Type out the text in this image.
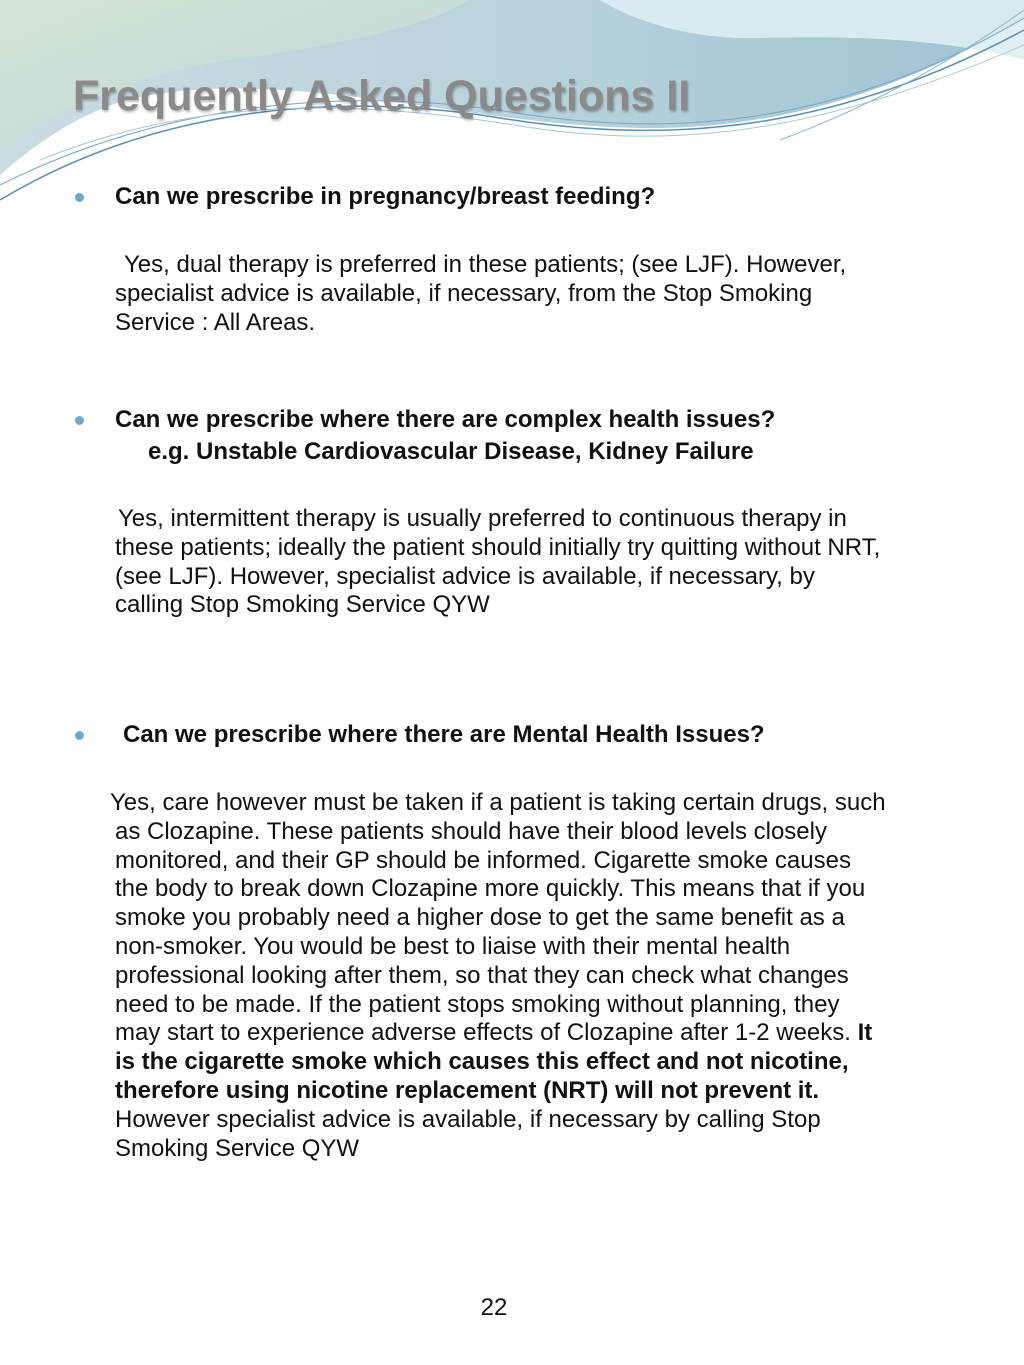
Frequently Asked Questions II

Can we prescribe in pregnancy/breast feeding?

Yes, dual therapy is preferred in these patients; (see LJF). However,
specialist advice is available, if necessary, from the Stop Smoking
Service : All Areas.

Can we prescribe where there are complex health issues?

e.g. Unstable Cardiovascular Disease, Kidney Failure

Yes, intermittent therapy is usually preferred to continuous therapy in
these patients; ideally the patient should initially try quitting without NRT,
(see LJF). However, specialist advice is available, if necessary, by
calling Stop Smoking Service QYW

Can we prescribe where there are Mental Health Issues?

Yes, care however must be taken if a patient is taking certain drugs, such
as Clozapine. These patients should have their blood levels closely
monitored, and their GP should be informed. Cigarette smoke causes
the body to break down Clozapine more quickly. This means that if you
smoke you probably need a higher dose to get the same benefit as a
non-smoker. You would be best to liaise with their mental health
professional looking after them, so that they can check what changes
need to be made. If the patient stops smoking without planning, they
may start to experience adverse effects of Clozapine after 1-2 weeks. It
is the cigarette smoke which causes this effect and not nicotine,
therefore using nicotine replacement (NRT) will not prevent it.
However specialist advice is available, if necessary by calling Stop
Smoking Service QYW

22
